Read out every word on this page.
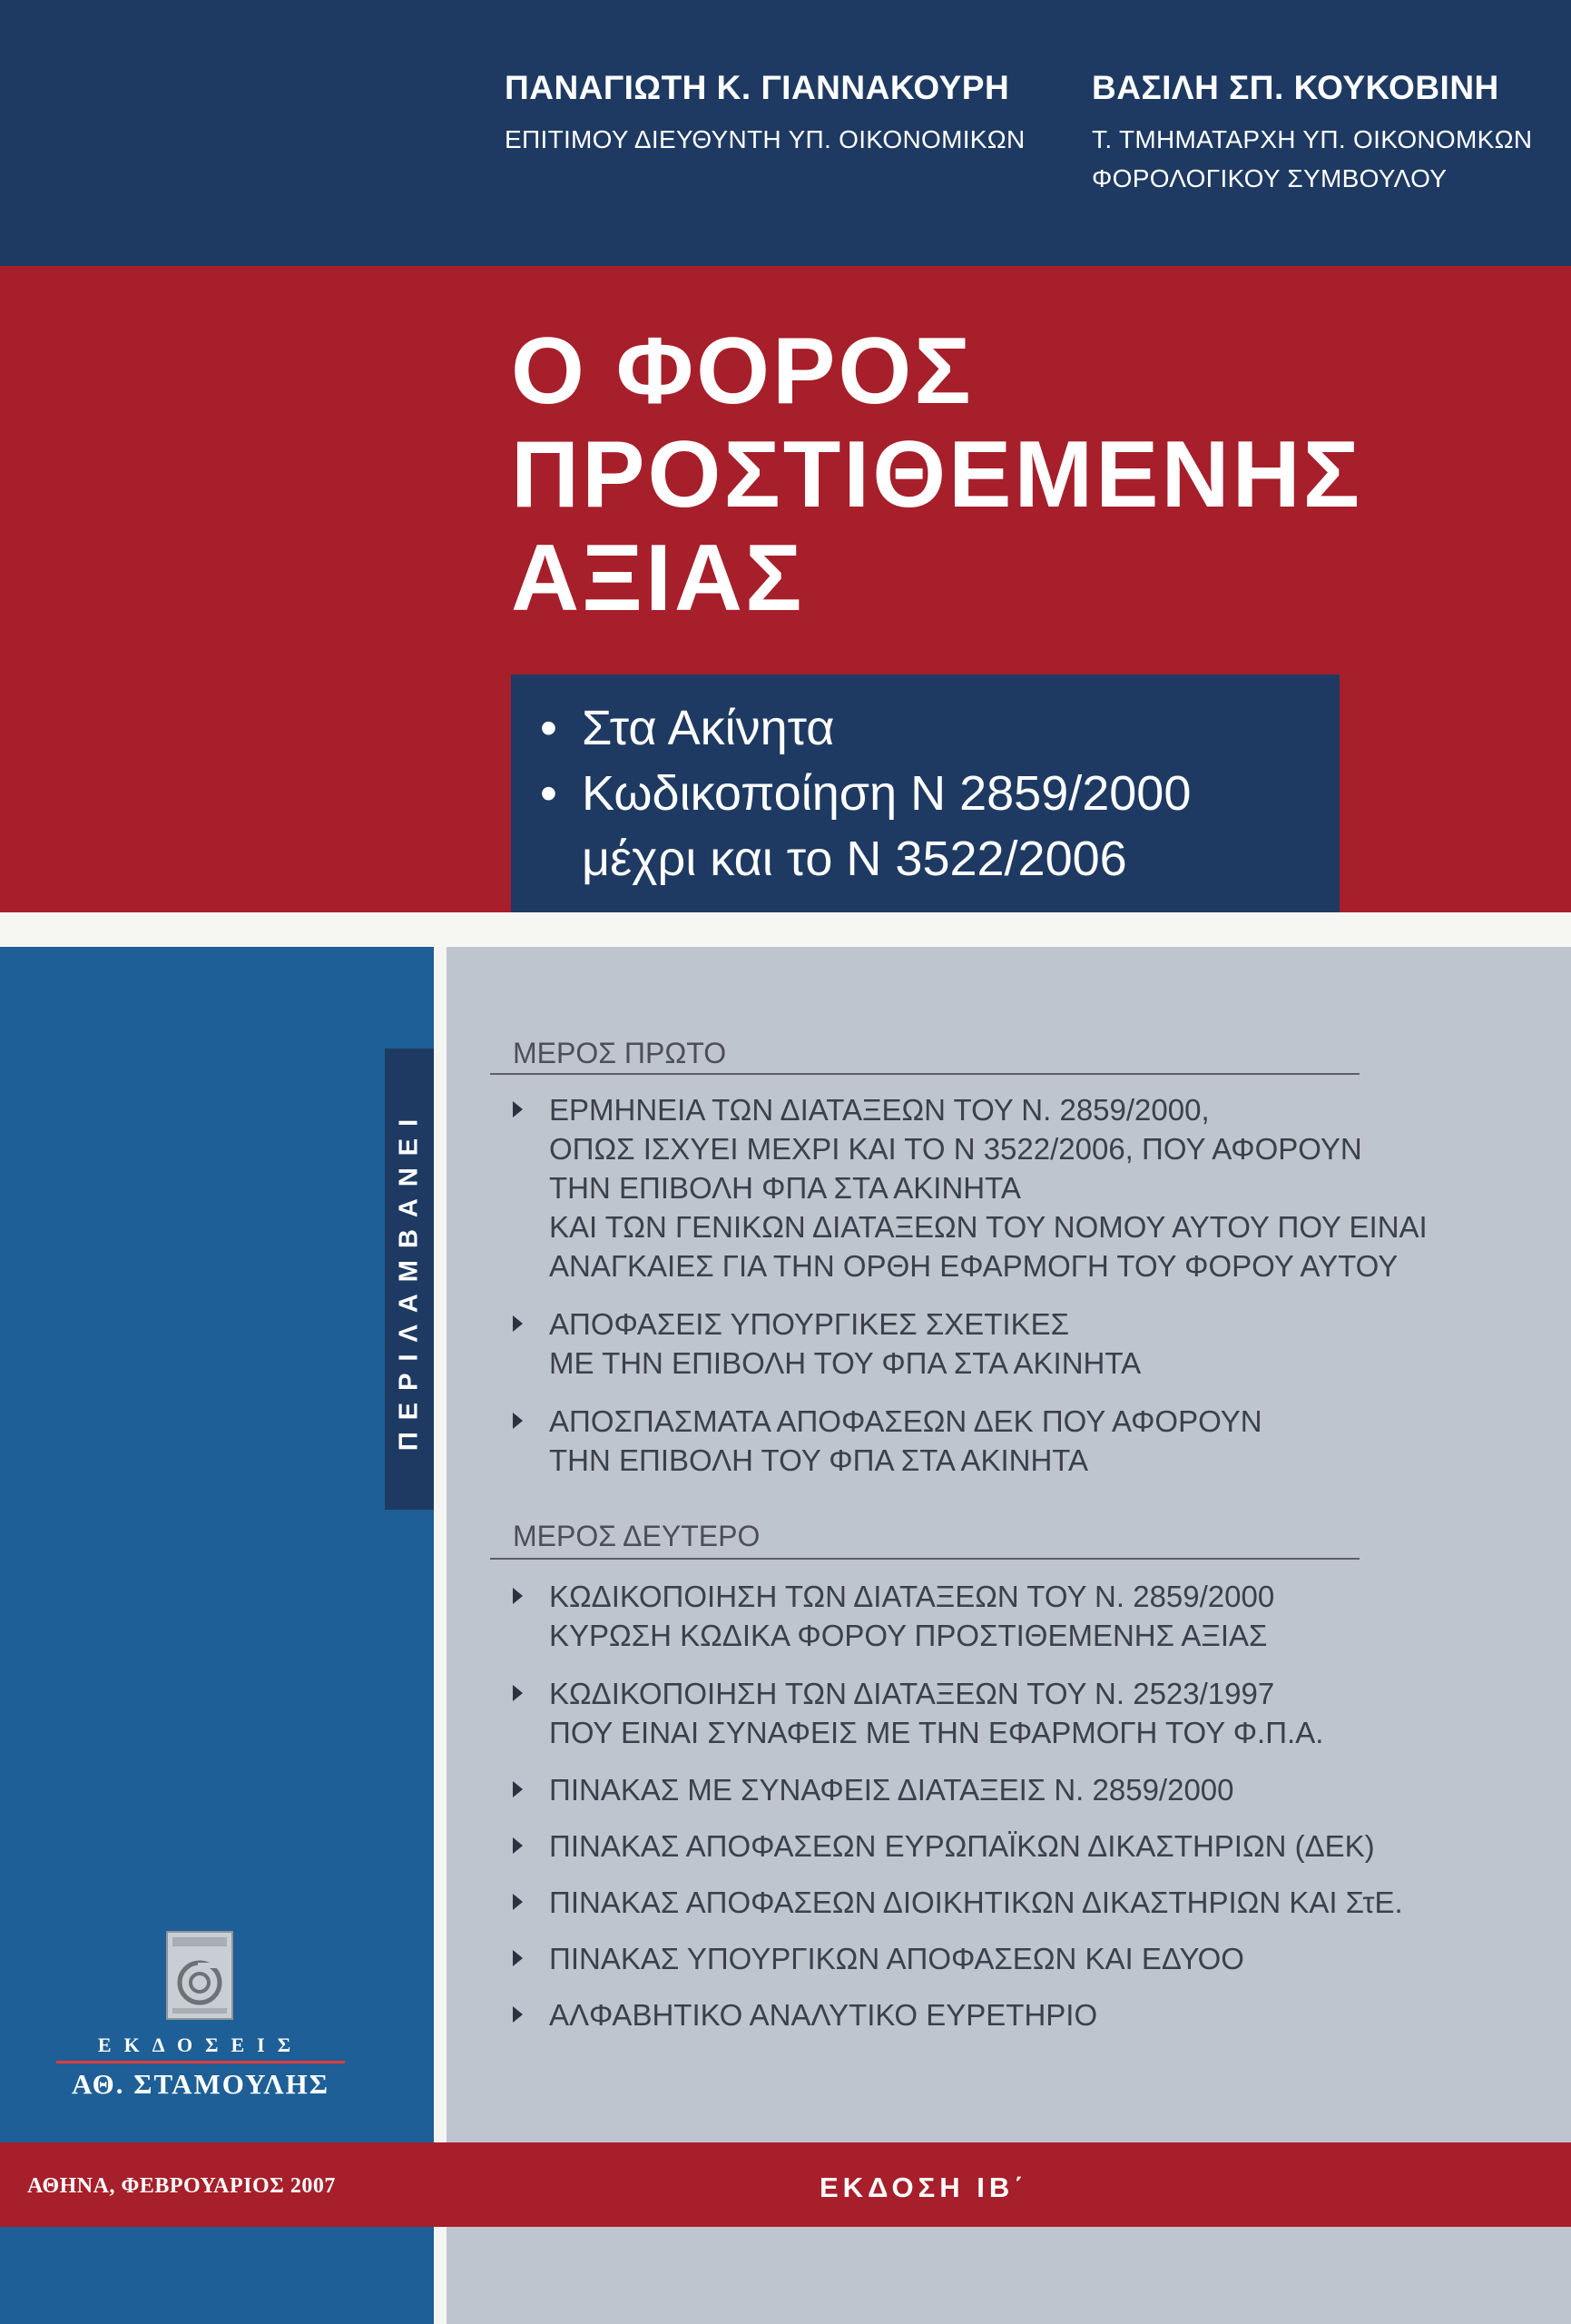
ΠΑΝΑΓΙΩΤΗ Κ. ΓΙΑΝΝΑΚΟΥΡΗ
ΕΠΙΤΙΜΟΥ ΔΙΕΥΘΥΝΤΗ ΥΠ. ΟΙΚΟΝΟΜΙΚΩΝ
ΒΑΣΙΛΗ ΣΠ. ΚΟΥΚΟΒΙΝΗ
Τ. ΤΜΗΜΑΤΑΡΧΗ ΥΠ. ΟΙΚΟΝΟΜΚΩΝ
ΦΟΡΟΛΟΓΙΚΟΥ ΣΥΜΒΟΥΛΟΥ
Ο ΦΟΡΟΣ
ΠΡΟΣΤΙΘΕΜΕΝΗΣ
ΑΞΙΑΣ
• Στα Ακίνητα
• Κωδικοποίηση Ν 2859/2000
μέχρι και το Ν 3522/2006
ΠΕΡΙΛΑΜΒΑΝΕΙ
ΜΕΡΟΣ ΠΡΩΤΟ
ΕΡΜΗΝΕΙΑ ΤΩΝ ΔΙΑΤΑΞΕΩΝ ΤΟΥ Ν. 2859/2000,
ΟΠΩΣ ΙΣΧΥΕΙ ΜΕΧΡΙ ΚΑΙ ΤΟ Ν 3522/2006, ΠΟΥ ΑΦΟΡΟΥΝ
ΤΗΝ ΕΠΙΒΟΛΗ ΦΠΑ ΣΤΑ ΑΚΙΝΗΤΑ
ΚΑΙ ΤΩΝ ΓΕΝΙΚΩΝ ΔΙΑΤΑΞΕΩΝ ΤΟΥ ΝΟΜΟΥ ΑΥΤΟΥ ΠΟΥ ΕΙΝΑΙ
ΑΝΑΓΚΑΙΕΣ ΓΙΑ ΤΗΝ ΟΡΘΗ ΕΦΑΡΜΟΓΗ ΤΟΥ ΦΟΡΟΥ ΑΥΤΟΥ
ΑΠΟΦΑΣΕΙΣ ΥΠΟΥΡΓΙΚΕΣ ΣΧΕΤΙΚΕΣ
ΜΕ ΤΗΝ ΕΠΙΒΟΛΗ ΤΟΥ ΦΠΑ ΣΤΑ ΑΚΙΝΗΤΑ
ΑΠΟΣΠΑΣΜΑΤΑ ΑΠΟΦΑΣΕΩΝ ΔΕΚ ΠΟΥ ΑΦΟΡΟΥΝ
ΤΗΝ ΕΠΙΒΟΛΗ ΤΟΥ ΦΠΑ ΣΤΑ ΑΚΙΝΗΤΑ
ΜΕΡΟΣ ΔΕΥΤΕΡΟ
ΚΩΔΙΚΟΠΟΙΗΣΗ ΤΩΝ ΔΙΑΤΑΞΕΩΝ ΤΟΥ Ν. 2859/2000
ΚΥΡΩΣΗ ΚΩΔΙΚΑ ΦΟΡΟΥ ΠΡΟΣΤΙΘΕΜΕΝΗΣ ΑΞΙΑΣ
ΚΩΔΙΚΟΠΟΙΗΣΗ ΤΩΝ ΔΙΑΤΑΞΕΩΝ ΤΟΥ Ν. 2523/1997
ΠΟΥ ΕΙΝΑΙ ΣΥΝΑΦΕΙΣ ΜΕ ΤΗΝ ΕΦΑΡΜΟΓΗ ΤΟΥ Φ.Π.Α.
ΠΙΝΑΚΑΣ ΜΕ ΣΥΝΑΦΕΙΣ ΔΙΑΤΑΞΕΙΣ Ν. 2859/2000
ΠΙΝΑΚΑΣ ΑΠΟΦΑΣΕΩΝ ΕΥΡΩΠΑΪΚΩΝ ΔΙΚΑΣΤΗΡΙΩΝ (ΔΕΚ)
ΠΙΝΑΚΑΣ ΑΠΟΦΑΣΕΩΝ ΔΙΟΙΚΗΤΙΚΩΝ ΔΙΚΑΣΤΗΡΙΩΝ ΚΑΙ ΣτΕ.
ΠΙΝΑΚΑΣ ΥΠΟΥΡΓΙΚΩΝ ΑΠΟΦΑΣΕΩΝ ΚΑΙ ΕΔΥΟΟ
ΑΛΦΑΒΗΤΙΚΟ ΑΝΑΛΥΤΙΚΟ ΕΥΡΕΤΗΡΙΟ
ΕΚΔΟΣΕΙΣ
ΑΘ. ΣΤΑΜΟΥΛΗΣ
ΑΘΗΝΑ, ΦΕΒΡΟΥΑΡΙΟΣ 2007	ΕΚΔΟΣΗ ΙΒ΄
